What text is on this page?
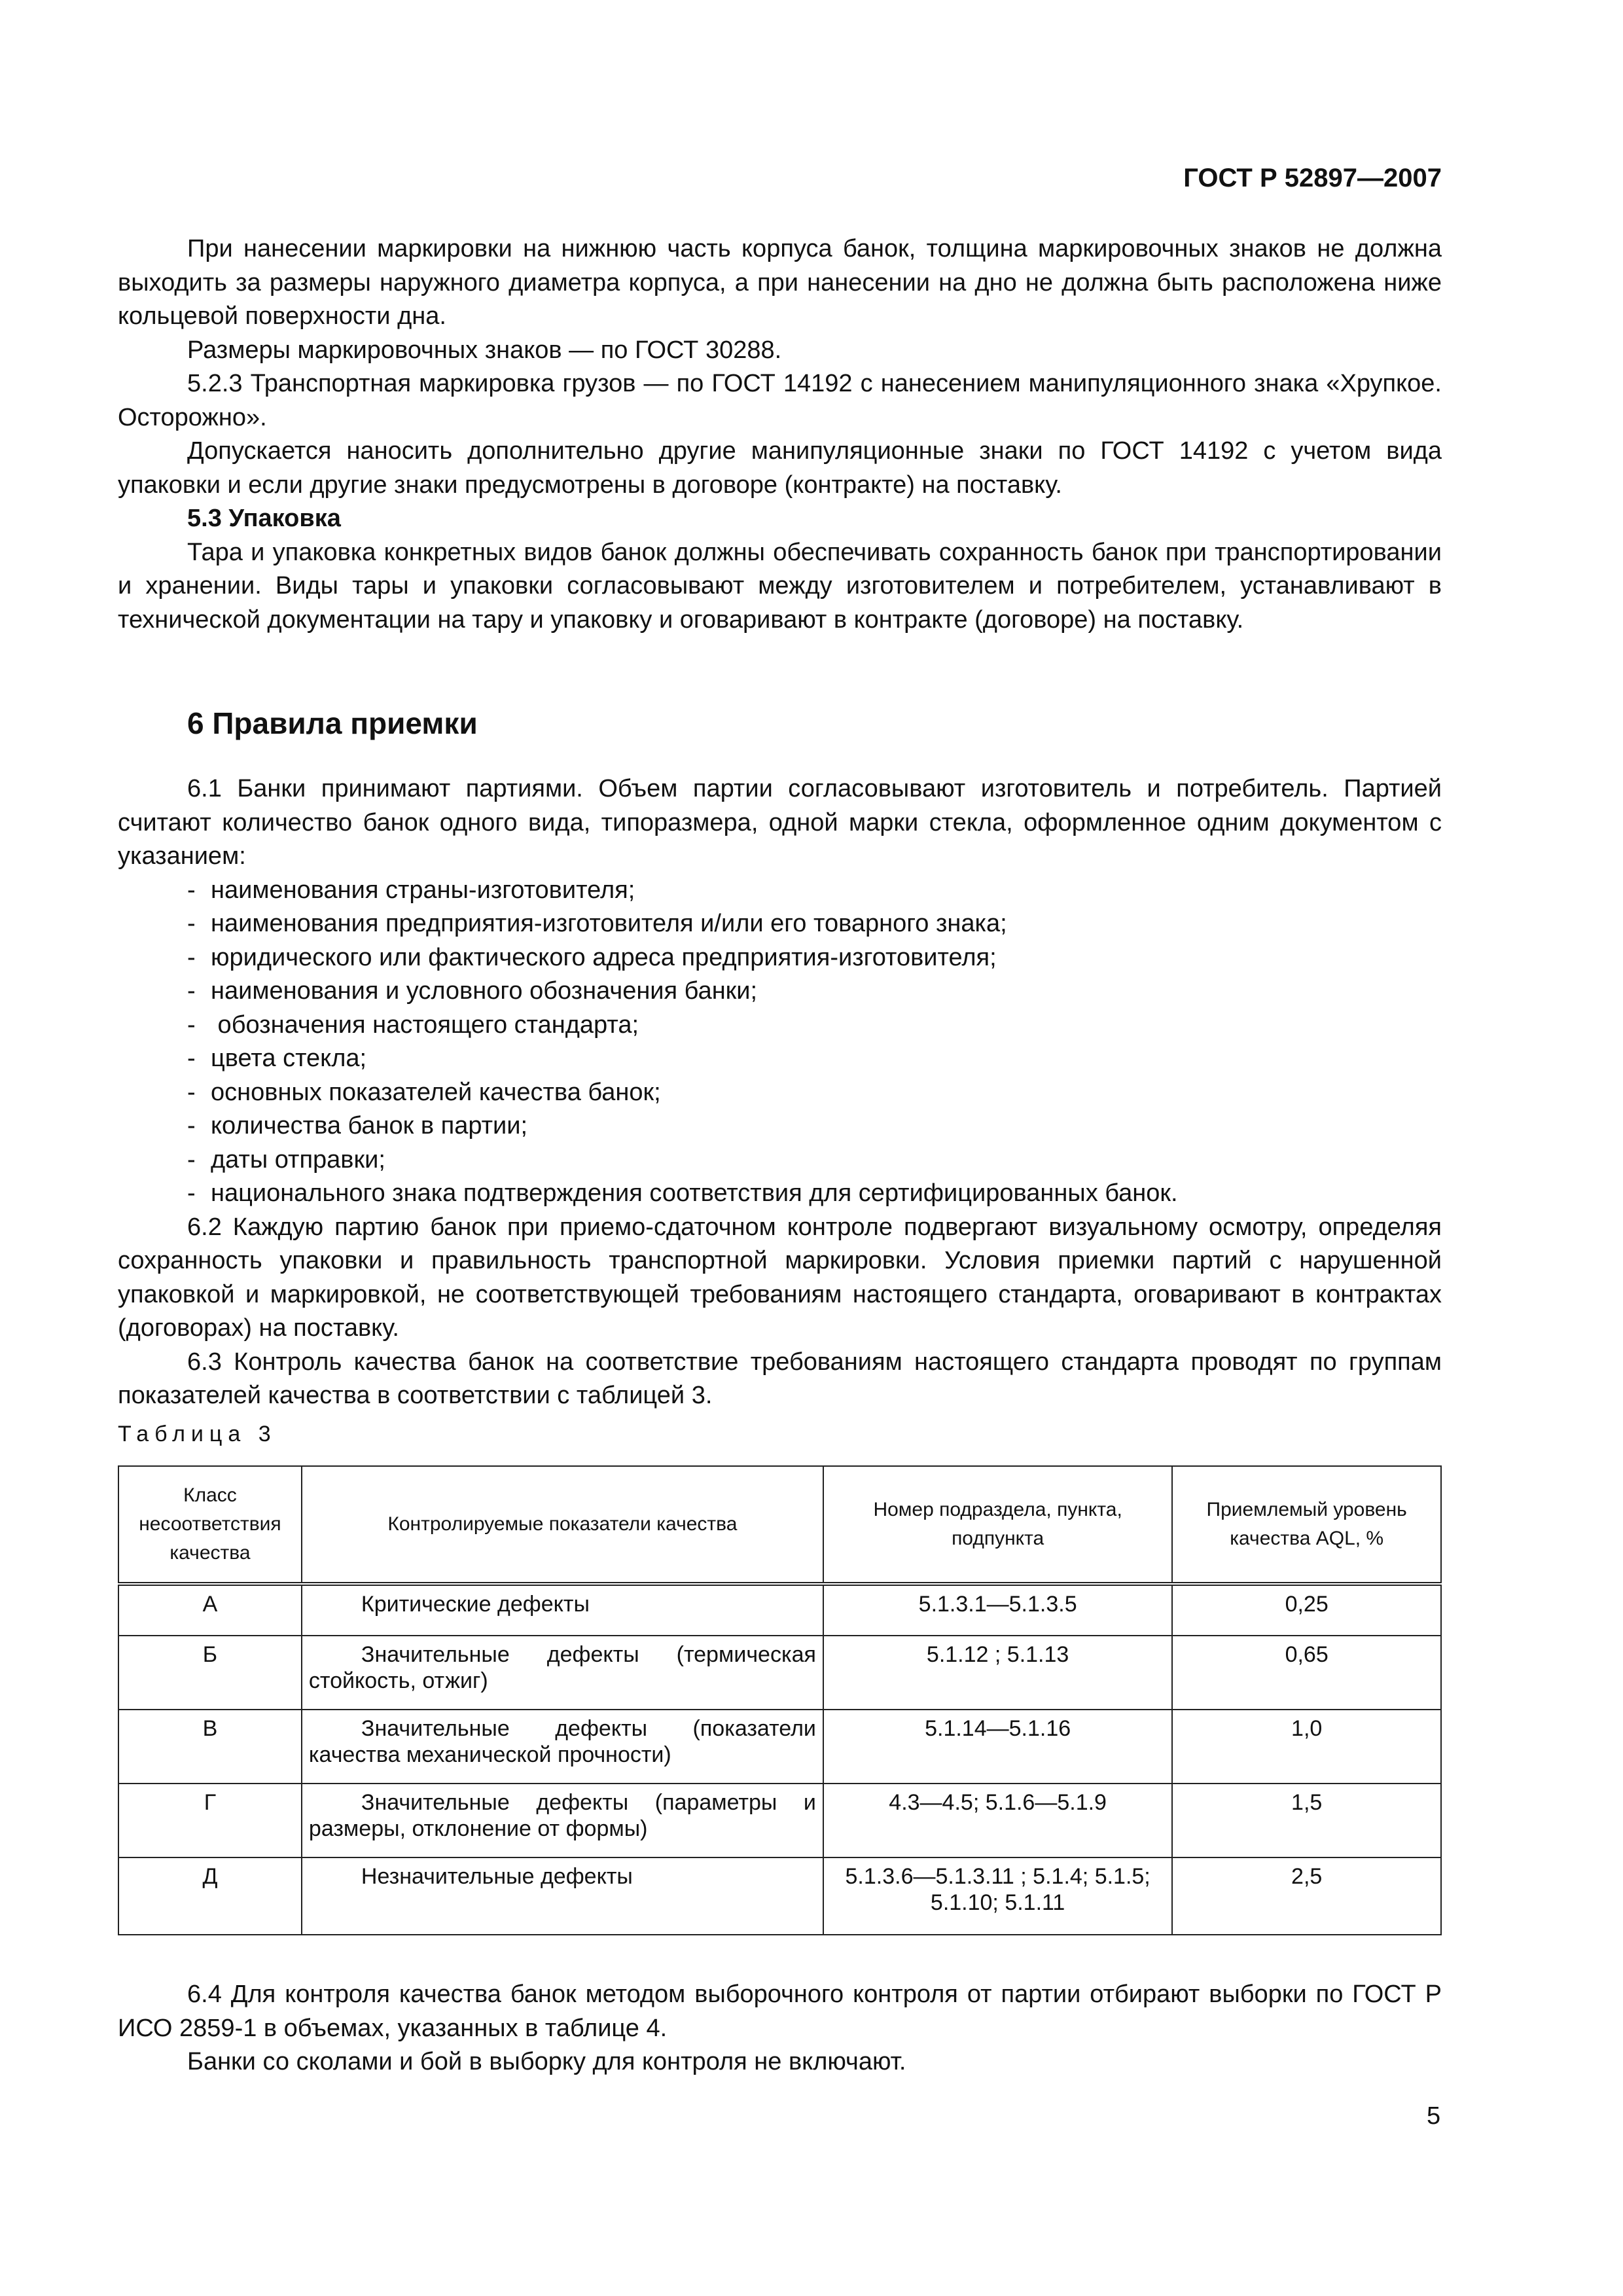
ГОСТ Р 52897—2007

При нанесении маркировки на нижнюю часть корпуса банок, толщина маркировочных знаков не должна выходить за размеры наружного диаметра корпуса, а при нанесении на дно не должна быть расположена ниже кольцевой поверхности дна.

Размеры маркировочных знаков — по ГОСТ 30288.

5.2.3 Транспортная маркировка грузов — по ГОСТ 14192 с нанесением манипуляционного знака «Хрупкое. Осторожно».

Допускается наносить дополнительно другие манипуляционные знаки по ГОСТ 14192 с учетом вида упаковки и если другие знаки предусмотрены в договоре (контракте) на поставку.

5.3 Упаковка

Тара и упаковка конкретных видов банок должны обеспечивать сохранность банок при транспортировании и хранении. Виды тары и упаковки согласовывают между изготовителем и потребителем, устанавливают в технической документации на тару и упаковку и оговаривают в контракте (договоре) на поставку.

6 Правила приемки

6.1 Банки принимают партиями. Объем партии согласовывают изготовитель и потребитель. Партией считают количество банок одного вида, типоразмера, одной марки стекла, оформленное одним документом с указанием:

- наименования страны-изготовителя;

- наименования предприятия-изготовителя и/или его товарного знака;

- юридического или фактического адреса предприятия-изготовителя;

- наименования и условного обозначения банки;

- обозначения настоящего стандарта;

- цвета стекла;

- основных показателей качества банок;

- количества банок в партии;

- даты отправки;

- национального знака подтверждения соответствия для сертифицированных банок.

6.2 Каждую партию банок при приемо-сдаточном контроле подвергают визуальному осмотру, определяя сохранность упаковки и правильность транспортной маркировки. Условия приемки партий с нарушенной упаковкой и маркировкой, не соответствующей требованиям настоящего стандарта, оговаривают в контрактах (договорах) на поставку.

6.3 Контроль качества банок на соответствие требованиям настоящего стандарта проводят по группам показателей качества в соответствии с таблицей 3.

Таблица 3
Класс несоответствия качества	Контролируемые показатели качества	Номер подраздела, пункта, подпункта	Приемлемый уровень качества AQL, %
А	Критические дефекты	5.1.3.1—5.1.3.5	0,25
Б	Значительные дефекты (термическая стойкость, отжиг)	5.1.12 ; 5.1.13	0,65
В	Значительные дефекты (показатели качества механической прочности)	5.1.14—5.1.16	1,0
Г	Значительные дефекты (параметры и размеры, отклонение от формы)	4.3—4.5; 5.1.6—5.1.9	1,5
Д	Незначительные дефекты	5.1.3.6—5.1.3.11 ; 5.1.4; 5.1.5; 5.1.10; 5.1.11	2,5

6.4 Для контроля качества банок методом выборочного контроля от партии отбирают выборки по ГОСТ Р ИСО 2859-1 в объемах, указанных в таблице 4.

Банки со сколами и бой в выборку для контроля не включают.

5
